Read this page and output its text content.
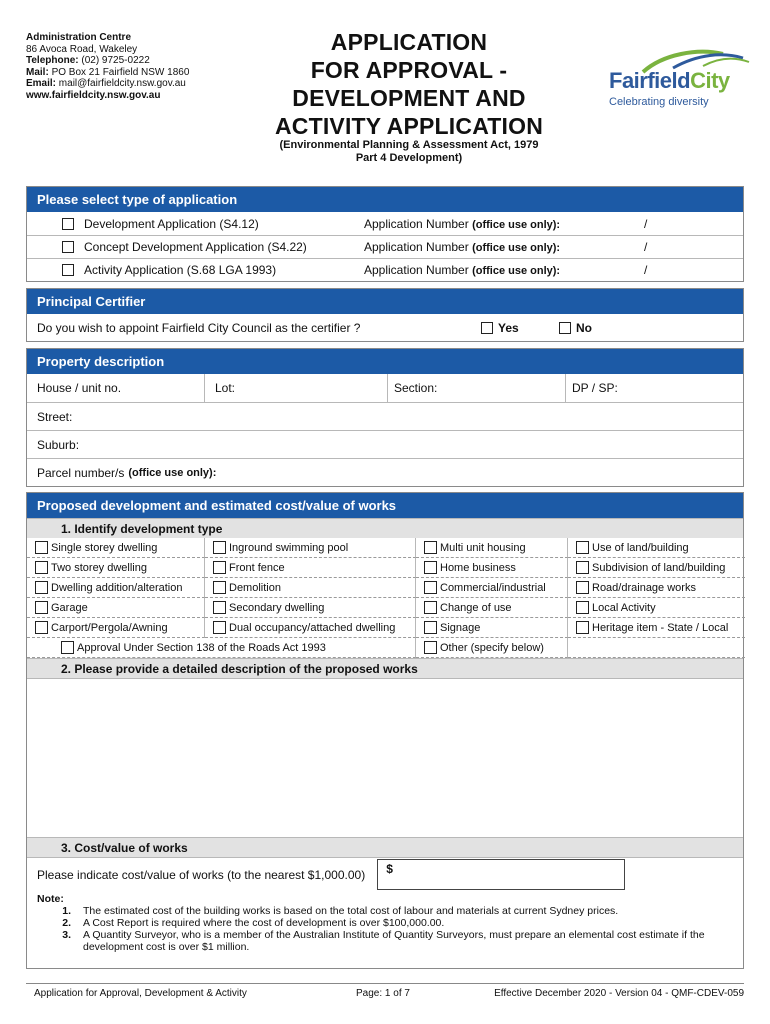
Administration Centre
86 Avoca Road, Wakeley
Telephone: (02) 9725-0222
Mail: PO Box 21 Fairfield NSW 1860
Email: mail@fairfieldcity.nsw.gov.au
www.fairfieldcity.nsw.gov.au
APPLICATION
FOR APPROVAL -
DEVELOPMENT AND
ACTIVITY APPLICATION
(Environmental Planning & Assessment Act, 1979
Part 4 Development)
FairfieldCity
Celebrating diversity
Please select type of application
Development Application (S4.12)	Application Number (office use only):	/
Concept Development Application (S4.22)	Application Number (office use only):	/
Activity Application (S.68 LGA 1993)	Application Number (office use only):	/
Principal Certifier
Do you wish to appoint Fairfield City Council as the certifier ?	Yes	No
Property description
House / unit no.	Lot:	Section:	DP / SP:
Street:
Suburb:
Parcel number/s (office use only):
Proposed development and estimated cost/value of works
1. Identify development type
Single storey dwelling	Inground swimming pool	Multi unit housing	Use of land/building
Two storey dwelling	Front fence	Home business	Subdivision of land/building
Dwelling addition/alteration	Demolition	Commercial/industrial	Road/drainage works
Garage	Secondary dwelling	Change of use	Local Activity
Carport/Pergola/Awning	Dual occupancy/attached dwelling	Signage	Heritage item - State / Local
Approval Under Section 138 of the Roads Act 1993	Other (specify below)
2. Please provide a detailed description of the proposed works
3. Cost/value of works
Please indicate cost/value of works (to the nearest $1,000.00)	$
Note:
1.	The estimated cost of the building works is based on the total cost of labour and materials at current Sydney prices.
2.	A Cost Report is required where the cost of development is over $100,000.00.
3.	A Quantity Surveyor, who is a member of the Australian Institute of Quantity Surveyors, must prepare an elemental cost estimate if the development cost is over $1 million.
Application for Approval, Development & Activity	Page: 1 of 7	Effective December 2020 - Version 04 - QMF-CDEV-059
